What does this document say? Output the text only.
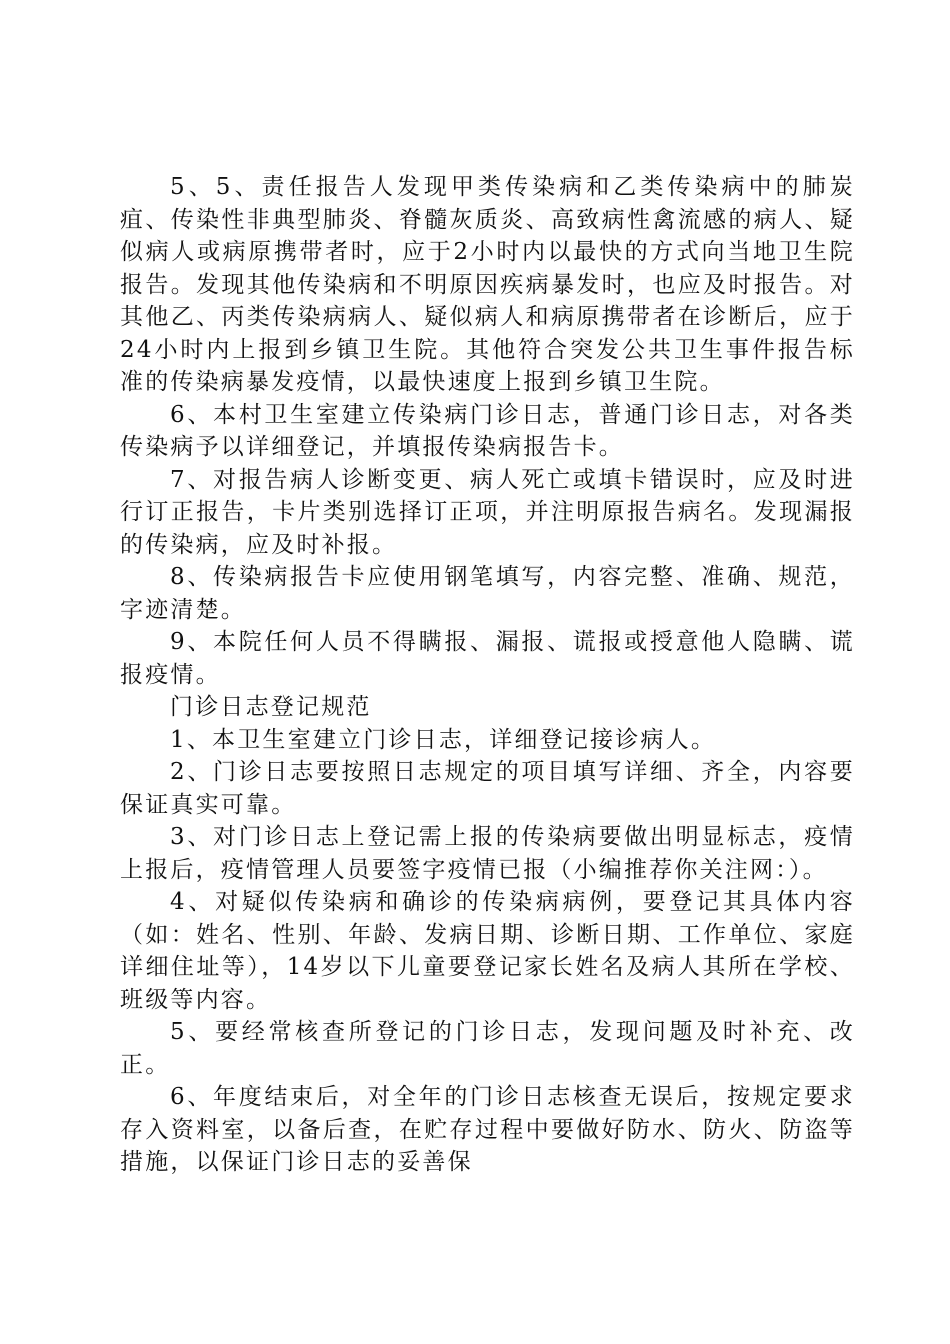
5、5、责任报告人发现甲类传染病和乙类传染病中的肺炭疽、传染性非典型肺炎、脊髓灰质炎、高致病性禽流感的病人、疑似病人或病原携带者时，应于2小时内以最快的方式向当地卫生院报告。发现其他传染病和不明原因疾病暴发时，也应及时报告。对其他乙、丙类传染病病人、疑似病人和病原携带者在诊断后，应于24小时内上报到乡镇卫生院。其他符合突发公共卫生事件报告标准的传染病暴发疫情，以最快速度上报到乡镇卫生院。

6、本村卫生室建立传染病门诊日志，普通门诊日志，对各类传染病予以详细登记，并填报传染病报告卡。

7、对报告病人诊断变更、病人死亡或填卡错误时，应及时进行订正报告，卡片类别选择订正项，并注明原报告病名。发现漏报的传染病，应及时补报。

8、传染病报告卡应使用钢笔填写，内容完整、准确、规范，字迹清楚。

9、本院任何人员不得瞒报、漏报、谎报或授意他人隐瞒、谎报疫情。

门诊日志登记规范

1、本卫生室建立门诊日志，详细登记接诊病人。

2、门诊日志要按照日志规定的项目填写详细、齐全，内容要保证真实可靠。

3、对门诊日志上登记需上报的传染病要做出明显标志，疫情上报后，疫情管理人员要签字疫情已报（小编推荐你关注网：）。

4、对疑似传染病和确诊的传染病病例，要登记其具体内容（如：姓名、性别、年龄、发病日期、诊断日期、工作单位、家庭详细住址等），14岁以下儿童要登记家长姓名及病人其所在学校、班级等内容。

5、要经常核查所登记的门诊日志，发现问题及时补充、改正。

6、年度结束后，对全年的门诊日志核查无误后，按规定要求存入资料室，以备后查，在贮存过程中要做好防水、防火、防盗等措施，以保证门诊日志的妥善保
